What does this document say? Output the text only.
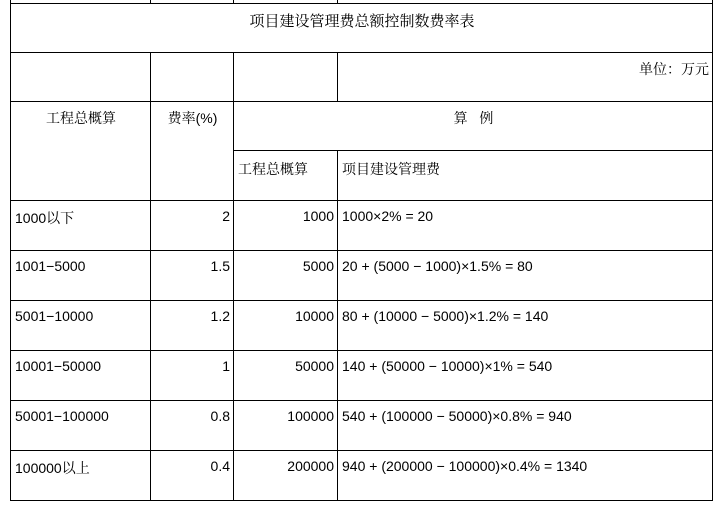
项目建设管理费总额控制数费率表			
			单位：万元
工程总概算	费率(%)	算   例	
		工程总概算	项目建设管理费
1000以下	2	1000	1000×2% = 20
1001−5000	1.5	5000	20 + (5000 − 1000)×1.5% = 80
5001−10000	1.2	10000	80 + (10000 − 5000)×1.2% = 140
10001−50000	1	50000	140 + (50000 − 10000)×1% = 540
50001−100000	0.8	100000	540 + (100000 − 50000)×0.8% = 940
100000以上	0.4	200000	940 + (200000 − 100000)×0.4% = 1340
